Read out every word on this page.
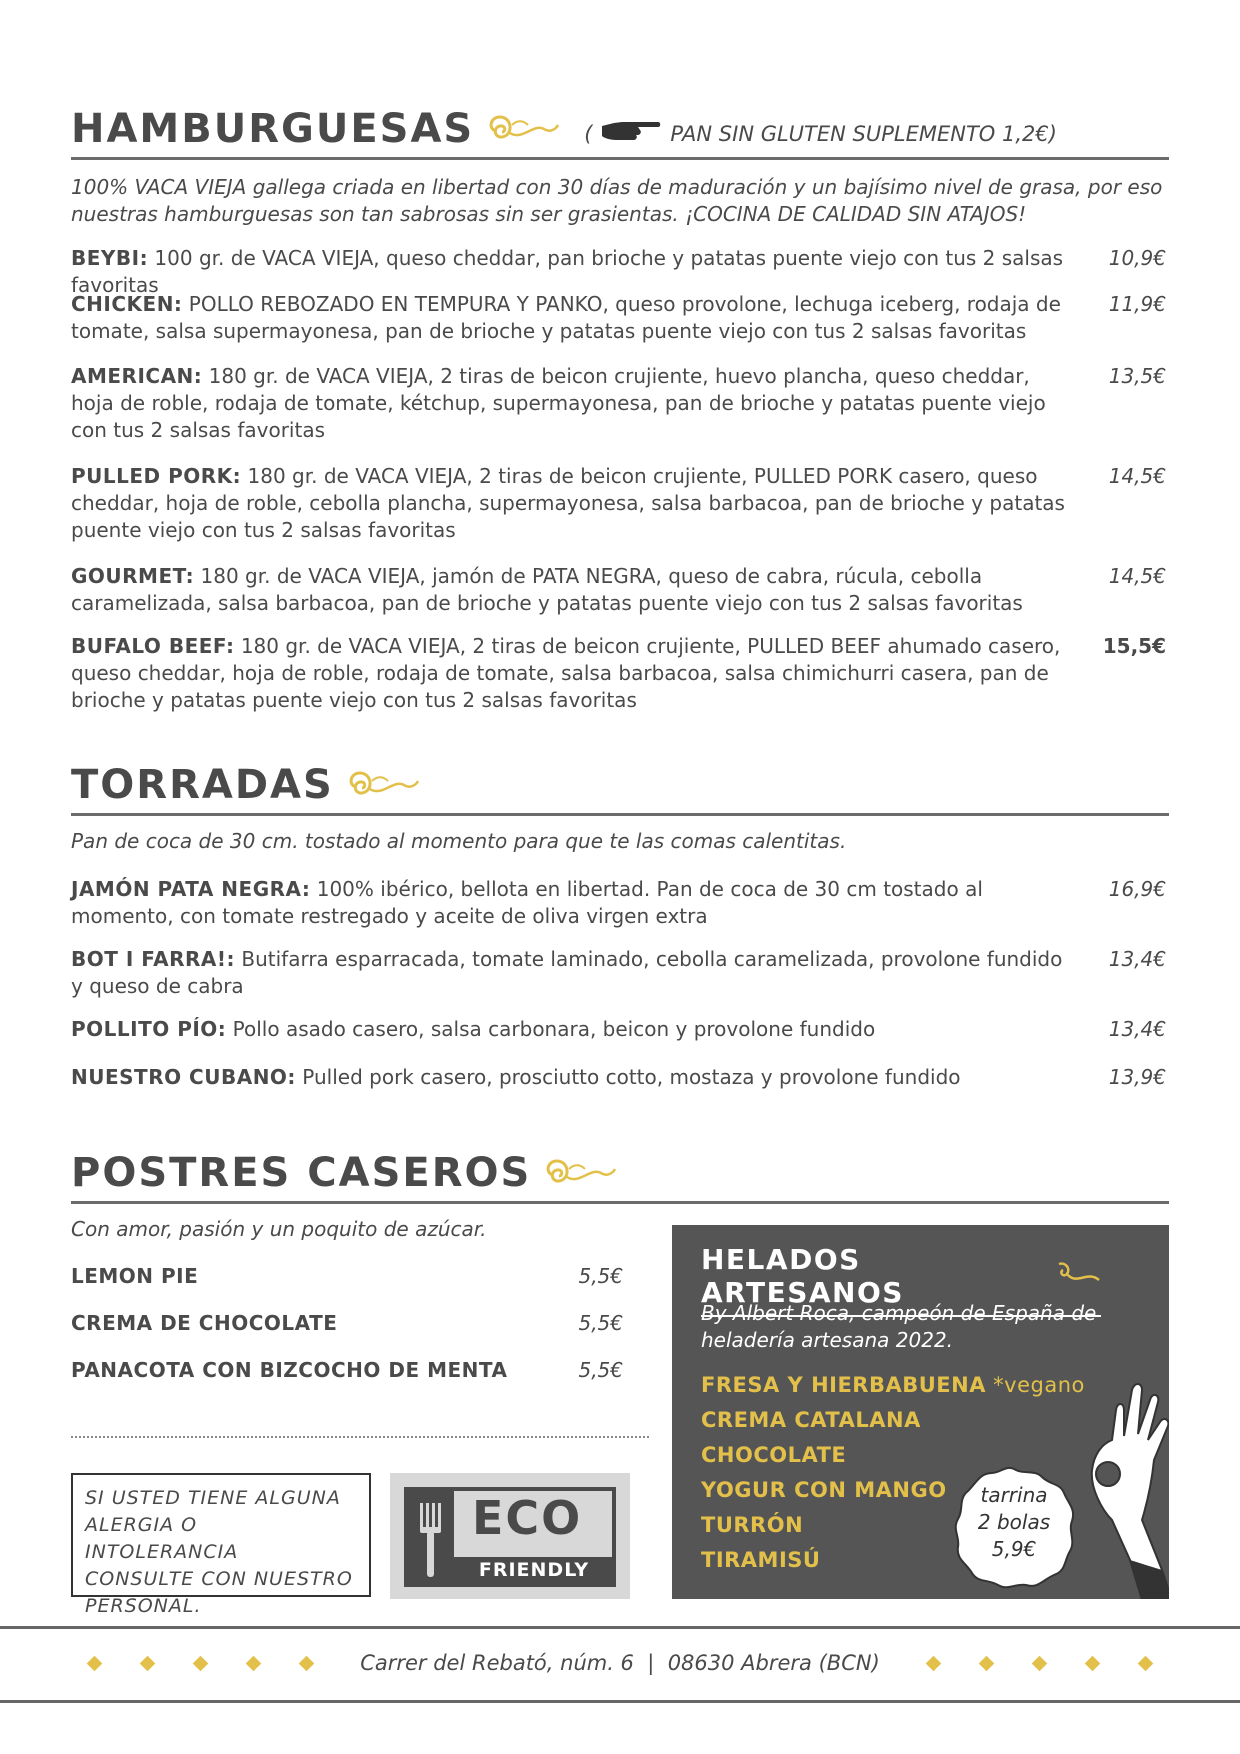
HAMBURGUESAS	(	PAN SIN GLUTEN SUPLEMENTO 1,2€)
100% VACA VIEJA gallega criada en libertad con 30 días de maduración y un bajísimo nivel de grasa, por eso nuestras hamburguesas son tan sabrosas sin ser grasientas. ¡COCINA DE CALIDAD SIN ATAJOS!
BEYBI: 100 gr. de VACA VIEJA, queso cheddar, pan brioche y patatas puente viejo con tus 2 salsas favoritas
10,9€
CHICKEN: POLLO REBOZADO EN TEMPURA Y PANKO, queso provolone, lechuga iceberg, rodaja de tomate, salsa supermayonesa, pan de brioche y patatas puente viejo con tus 2 salsas favoritas
11,9€
AMERICAN: 180 gr. de VACA VIEJA, 2 tiras de beicon crujiente, huevo plancha, queso cheddar, hoja de roble, rodaja de tomate, kétchup, supermayonesa, pan de brioche y patatas puente viejo con tus 2 salsas favoritas
13,5€
PULLED PORK: 180 gr. de VACA VIEJA, 2 tiras de beicon crujiente, PULLED PORK casero, queso cheddar, hoja de roble, cebolla plancha, supermayonesa, salsa barbacoa, pan de brioche y patatas puente viejo con tus 2 salsas favoritas
14,5€
GOURMET: 180 gr. de VACA VIEJA, jamón de PATA NEGRA, queso de cabra, rúcula, cebolla caramelizada, salsa barbacoa, pan de brioche y patatas puente viejo con tus 2 salsas favoritas
14,5€
BUFALO BEEF: 180 gr. de VACA VIEJA, 2 tiras de beicon crujiente, PULLED BEEF ahumado casero, queso cheddar, hoja de roble, rodaja de tomate, salsa barbacoa, salsa chimichurri casera, pan de brioche y patatas puente viejo con tus 2 salsas favoritas
15,5€
TORRADAS
Pan de coca de 30 cm. tostado al momento para que te las comas calentitas.
JAMÓN PATA NEGRA: 100% ibérico, bellota en libertad. Pan de coca de 30 cm tostado al momento, con tomate restregado y aceite de oliva virgen extra
16,9€
BOT I FARRA!: Butifarra esparracada, tomate laminado, cebolla caramelizada, provolone fundido y queso de cabra
13,4€
POLLITO PÍO: Pollo asado casero, salsa carbonara, beicon y provolone fundido	13,4€
NUESTRO CUBANO: Pulled pork casero, prosciutto cotto, mostaza y provolone fundido	13,9€
POSTRES CASEROS
Con amor, pasión y un poquito de azúcar.
LEMON PIE	5,5€
CREMA DE CHOCOLATE	5,5€
PANACOTA CON BIZCOCHO DE MENTA	5,5€
SI USTED TIENE ALGUNA
ALERGIA O INTOLERANCIA
CONSULTE CON NUESTRO
PERSONAL.
ECO
FRIENDLY
HELADOS ARTESANOS
By Albert Roca, campeón de España de heladería artesana 2022.
FRESA Y HIERBABUENA *vegano
CREMA CATALANA
CHOCOLATE
YOGUR CON MANGO
TURRÓN
TIRAMISÚ
tarrina
2 bolas
5,9€
Carrer del Rebató, núm. 6  |  08630 Abrera (BCN)
